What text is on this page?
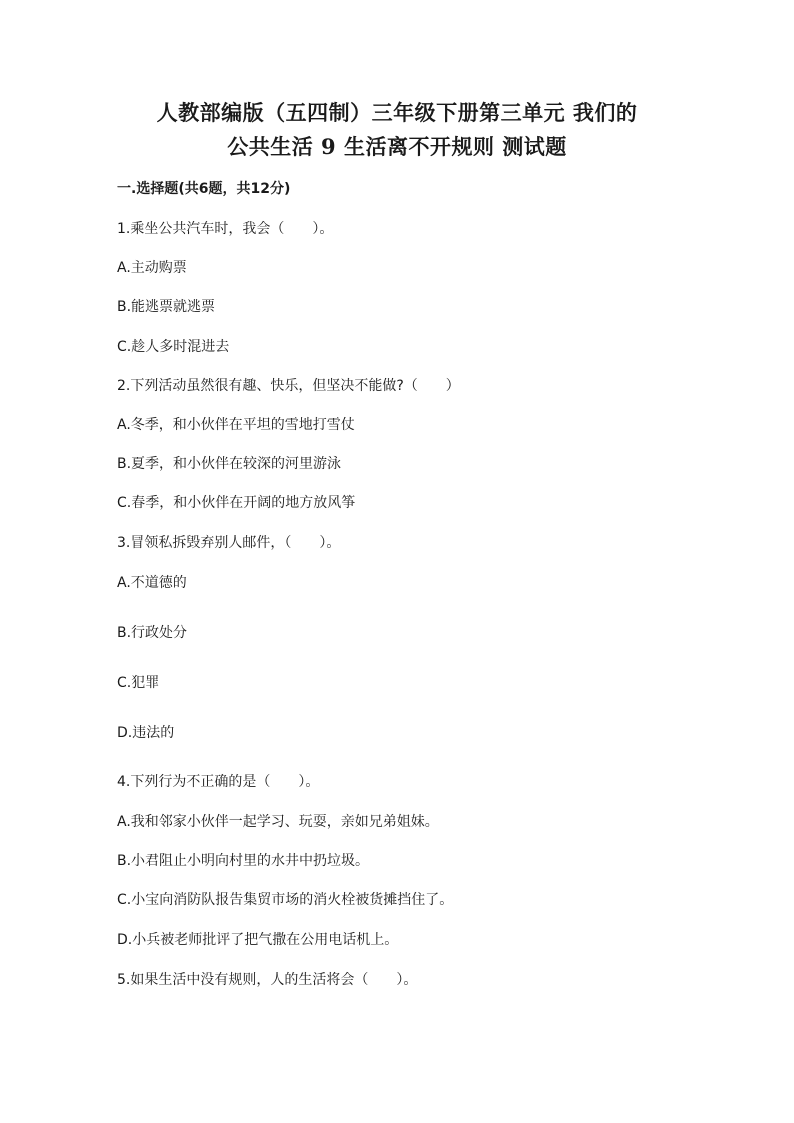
人教部编版（五四制）三年级下册第三单元 我们的
公共生活 9 生活离不开规则 测试题
一.选择题(共6题，共12分)
1.乘坐公共汽车时，我会（　　）。
A.主动购票
B.能逃票就逃票
C.趁人多时混进去
2.下列活动虽然很有趣、快乐，但坚决不能做?（　　）
A.冬季，和小伙伴在平坦的雪地打雪仗
B.夏季，和小伙伴在较深的河里游泳
C.春季，和小伙伴在开阔的地方放风筝
3.冒领私拆毁弃别人邮件，（　　）。
A.不道德的
B.行政处分
C.犯罪
D.违法的
4.下列行为不正确的是（　　）。
A.我和邻家小伙伴一起学习、玩耍，亲如兄弟姐妹。
B.小君阻止小明向村里的水井中扔垃圾。
C.小宝向消防队报告集贸市场的消火栓被货摊挡住了。
D.小兵被老师批评了把气撒在公用电话机上。
5.如果生活中没有规则，人的生活将会（　　）。
